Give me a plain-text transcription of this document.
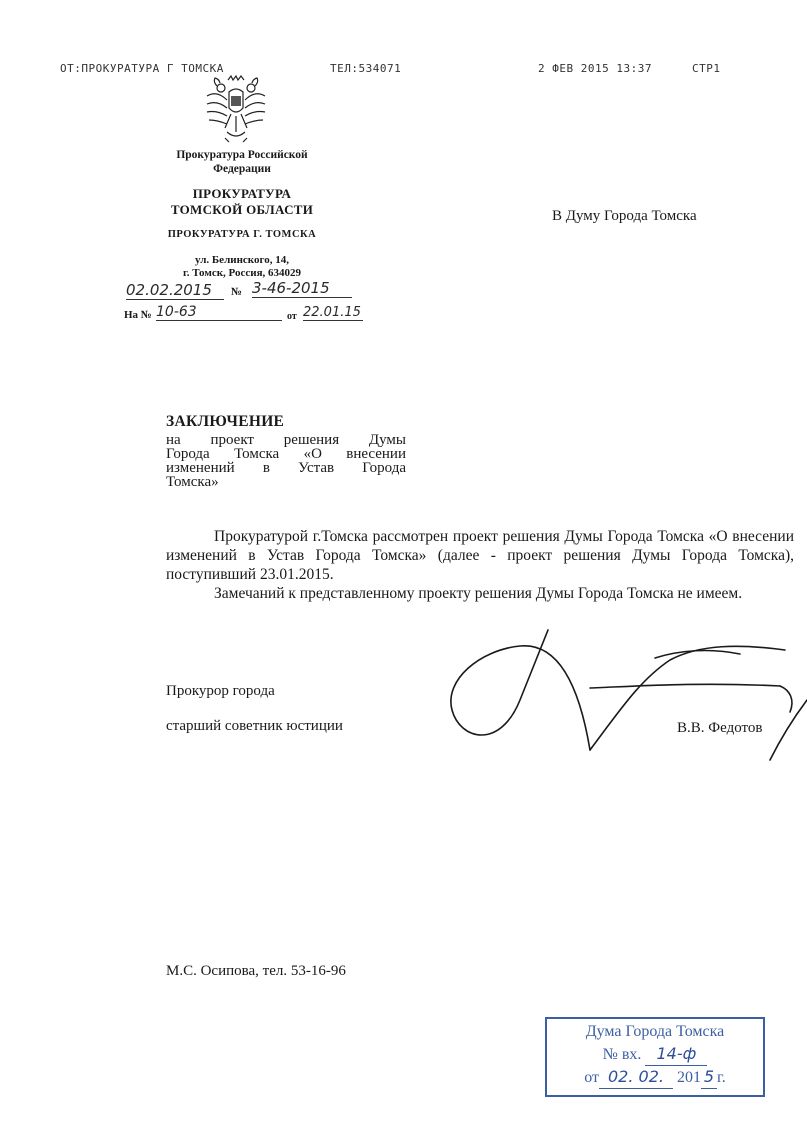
ОТ:ПРОКУРАТУРА Г ТОМСКА	ТЕЛ:534071	2 ФЕВ 2015 13:37	СТР1
Прокуратура Российской
Федерации
ПРОКУРАТУРА
ТОМСКОЙ ОБЛАСТИ
ПРОКУРАТУРА Г. ТОМСКА
ул. Белинского, 14,
г. Томск, Россия, 634029
02.02.2015	№ 3-46-2015
На № 10-63	от 22.01.15
В Думу Города Томска
ЗАКЛЮЧЕНИЕ
на проект решения Думы
Города Томска «О внесении
изменений в Устав Города
Томска»

Прокуратурой г.Томска рассмотрен проект решения Думы Города Томска «О внесении изменений в Устав Города Томска» (далее - проект решения Думы Города Томска), поступивший 23.01.2015.

Замечаний к представленному проекту решения Думы Города Томска не имеем.

Прокурор города
старший советник юстиции	В.В. Федотов
М.С. Осипова, тел. 53-16-96
Дума Города Томска
№ вх. 14-ф
от 02. 02. 201 5 г.
